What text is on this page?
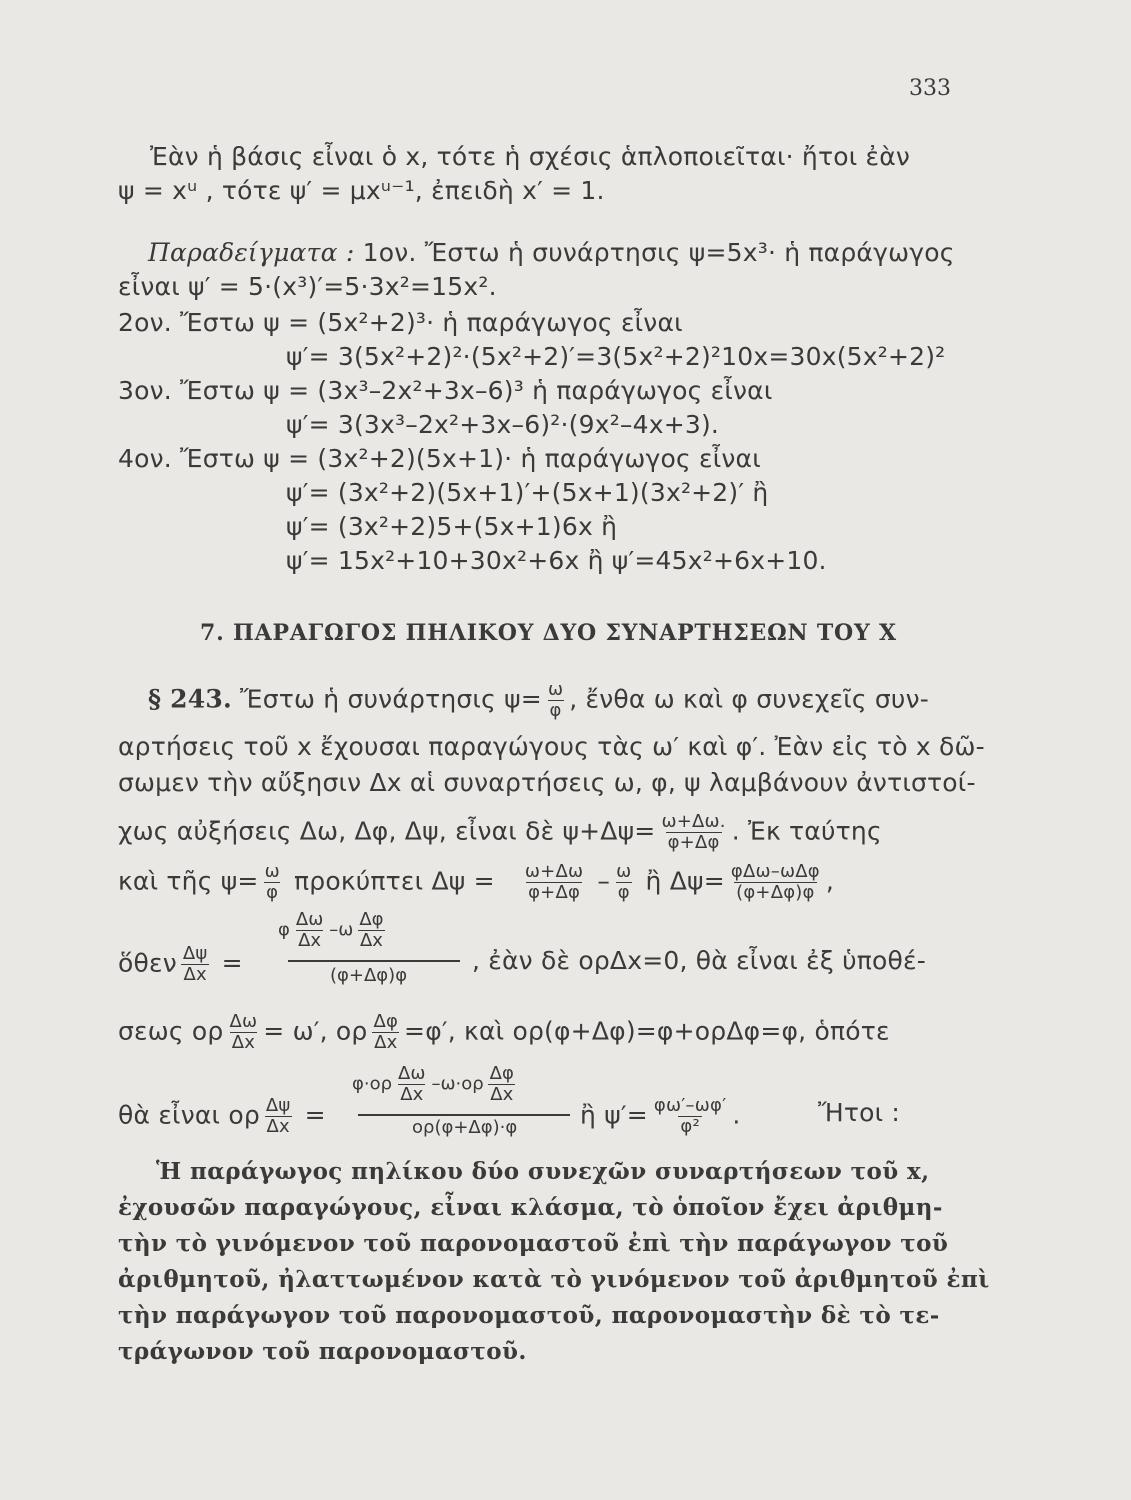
333
Ἐὰν ἡ βάσις εἶναι ὁ x, τότε ἡ σχέσις ἁπλοποιεῖται· ἤτοι ἐὰν
ψ = xᵘ , τότε ψ′ = μxᵘ⁻¹, ἐπειδὴ x′ = 1.
Παραδείγματα : 1ον. Ἔστω ἡ συνάρτησις ψ=5x³· ἡ παράγωγος
εἶναι ψ′ = 5·(x³)′=5·3x²=15x².
2ον. Ἔστω ψ = (5x²+2)³· ἡ παράγωγος εἶναι
ψ′= 3(5x²+2)²·(5x²+2)′=3(5x²+2)²10x=30x(5x²+2)²
3ον. Ἔστω ψ = (3x³–2x²+3x–6)³ ἡ παράγωγος εἶναι
ψ′= 3(3x³–2x²+3x–6)²·(9x²–4x+3).
4ον. Ἔστω ψ = (3x²+2)(5x+1)· ἡ παράγωγος εἶναι
ψ′= (3x²+2)(5x+1)′+(5x+1)(3x²+2)′ ἢ
ψ′= (3x²+2)5+(5x+1)6x ἢ
ψ′= 15x²+10+30x²+6x ἢ ψ′=45x²+6x+10.
7. ΠΑΡΑΓΩΓΟΣ ΠΗΛΙΚΟΥ ΔΥΟ ΣΥΝΑΡΤΗΣΕΩΝ ΤΟΥ Χ
§ 243. Ἔστω ἡ συνάρτησις $\psi= \frac{\omega}{\varphi}$ , ἔνθα ω καὶ φ συνεχεῖς συν-
αρτήσεις τοῦ x ἔχουσαι παραγώγους τὰς ω′ καὶ φ′. Ἐὰν εἰς τὸ x δῶ-
σωμεν τὴν αὔξησιν Δx αἱ συναρτήσεις ω, φ, ψ λαμβάνουν ἀντιστοί-
χως αὐξήσεις Δω, Δφ, Δψ, εἶναι δὲ $\psi+\Delta\psi= \frac{\omega+\Delta\omega.}{\varphi+\Delta\varphi}$ . Ἐκ ταύτης
καὶ τῆς $\psi= \frac{\omega}{\varphi}$ προκύπτει $\Delta\psi = \frac{\omega+\Delta\omega}{\varphi+\Delta\varphi} - \frac{\omega}{\varphi}$ ἢ $\Delta\psi= \frac{\text{φΔω–ωΔφ}}{(\varphi+\Delta\varphi)\varphi}$ ,
ὅθεν $\frac{\Delta\psi}{\Delta x}$ =
φ $\frac{\Delta\omega}{\Delta x} -\omega \frac{\Delta\varphi}{\Delta x}$
(φ+Δφ)φ
, ἐὰν δὲ ορΔx=0, θὰ εἶναι ἐξ ὑποθέ-
σεως ορ $\frac{\Delta\omega}{\Delta x} = \omega'$, ορ $\frac{\Delta\varphi}{\Delta x} =\varphi'$, καὶ ορ(φ+Δφ)=φ+ορΔφ=φ, ὁπότε
θὰ εἶναι ορ $\frac{\Delta\psi}{\Delta x}$ =
$\varphi\cdot o\rho \frac{\Delta\omega}{\Delta x} -\omega\cdot o\rho \frac{\Delta\varphi}{\Delta x}$
ορ(φ+Δφ)·φ	ἢ $\psi'= \frac{\varphi\omega'-\omega\varphi'}{\text{φ²}}$ .	Ἤτοι :
Ἡ παράγωγος πηλίκου δύο συνεχῶν συναρτήσεων τοῦ x,
ἐχουσῶν παραγώγους, εἶναι κλάσμα, τὸ ὁποῖον ἔχει ἀριθμη-
τὴν τὸ γινόμενον τοῦ παρονομαστοῦ ἐπὶ τὴν παράγωγον τοῦ
ἀριθμητοῦ, ἠλαττωμένον κατὰ τὸ γινόμενον τοῦ ἀριθμητοῦ ἐπὶ
τὴν παράγωγον τοῦ παρονομαστοῦ, παρονομαστὴν δὲ τὸ τε-
τράγωνον τοῦ παρονομαστοῦ.
